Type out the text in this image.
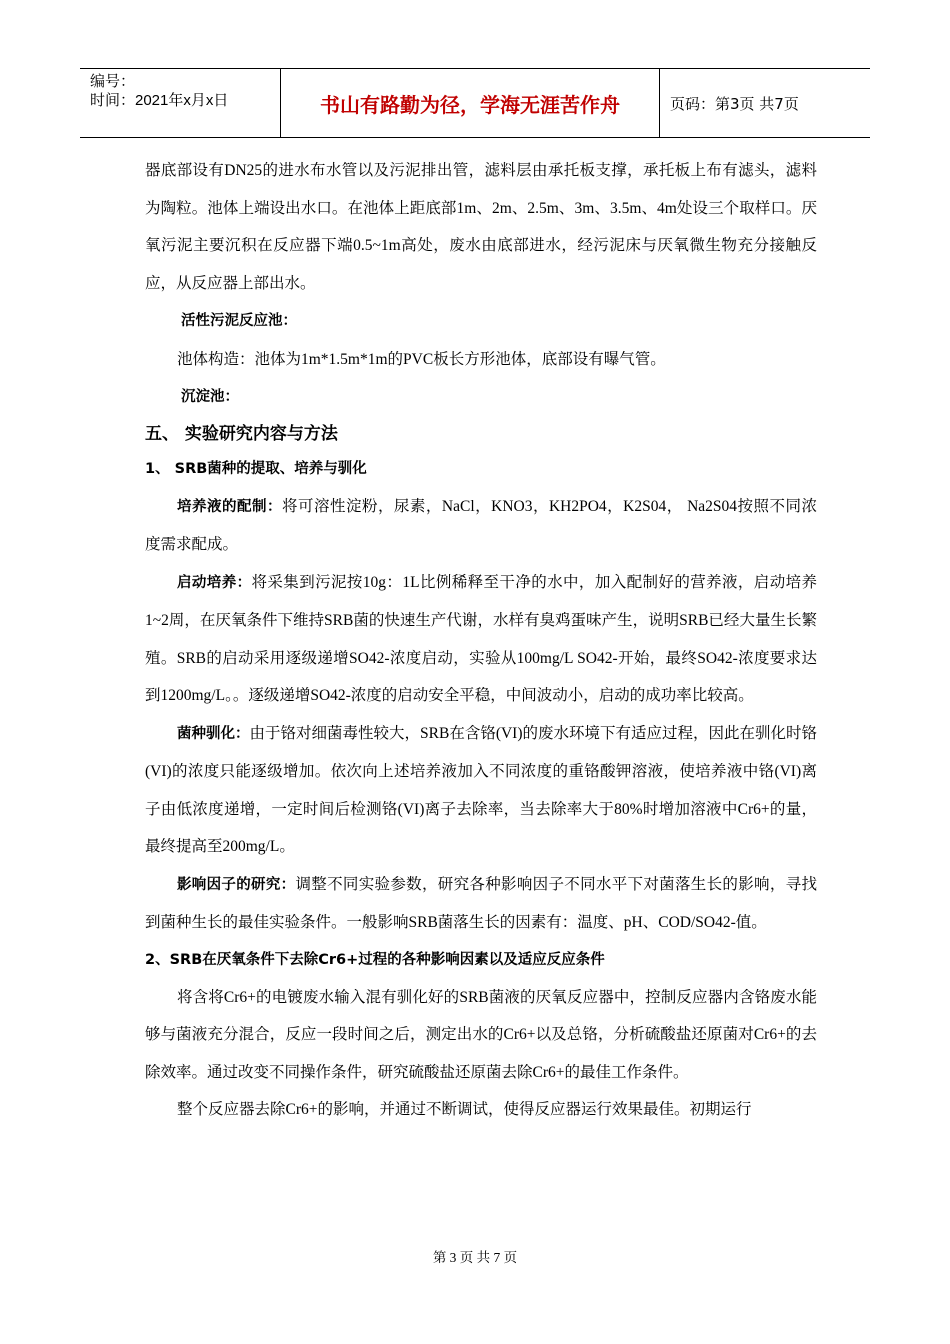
编号：
时间：2021年x月x日	书山有路勤为径，学海无涯苦作舟	页码：第3页 共7页

器底部设有DN25的进水布水管以及污泥排出管，滤料层由承托板支撑，承托板上布有滤头，滤料为陶粒。池体上端设出水口。在池体上距底部1m、2m、2.5m、3m、3.5m、4m处设三个取样口。厌氧污泥主要沉积在反应器下端0.5~1m高处，废水由底部进水，经污泥床与厌氧微生物充分接触反应，从反应器上部出水。

活性污泥反应池：

池体构造：池体为1m*1.5m*1m的PVC板长方形池体，底部设有曝气管。

沉淀池：

五、 实验研究内容与方法

1、 SRB菌种的提取、培养与驯化

培养液的配制：将可溶性淀粉，尿素，NaCl，KNO3，KH2PO4，K2S04， Na2S04按照不同浓度需求配成。

启动培养：将采集到污泥按10g：1L比例稀释至干净的水中，加入配制好的营养液，启动培养1~2周，在厌氧条件下维持SRB菌的快速生产代谢，水样有臭鸡蛋味产生，说明SRB已经大量生长繁殖。SRB的启动采用逐级递增SO42-浓度启动，实验从100mg/L SO42-开始，最终SO42-浓度要求达到1200mg/L。。逐级递增SO42-浓度的启动安全平稳，中间波动小，启动的成功率比较高。

菌种驯化：由于铬对细菌毒性较大，SRB在含铬(VI)的废水环境下有适应过程，因此在驯化时铬(VI)的浓度只能逐级增加。依次向上述培养液加入不同浓度的重铬酸钾溶液，使培养液中铬(VI)离子由低浓度递增，一定时间后检测铬(VI)离子去除率，当去除率大于80%时增加溶液中Cr6+的量，最终提高至200mg/L。

影响因子的研究：调整不同实验参数，研究各种影响因子不同水平下对菌落生长的影响，寻找到菌种生长的最佳实验条件。一般影响SRB菌落生长的因素有：温度、pH、COD/SO42-值。

2、SRB在厌氧条件下去除Cr6+过程的各种影响因素以及适应反应条件

将含将Cr6+的电镀废水输入混有驯化好的SRB菌液的厌氧反应器中，控制反应器内含铬废水能够与菌液充分混合，反应一段时间之后，测定出水的Cr6+以及总铬，分析硫酸盐还原菌对Cr6+的去除效率。通过改变不同操作条件，研究硫酸盐还原菌去除Cr6+的最佳工作条件。

整个反应器去除Cr6+的影响，并通过不断调试，使得反应器运行效果最佳。初期运行

第 3 页 共 7 页
